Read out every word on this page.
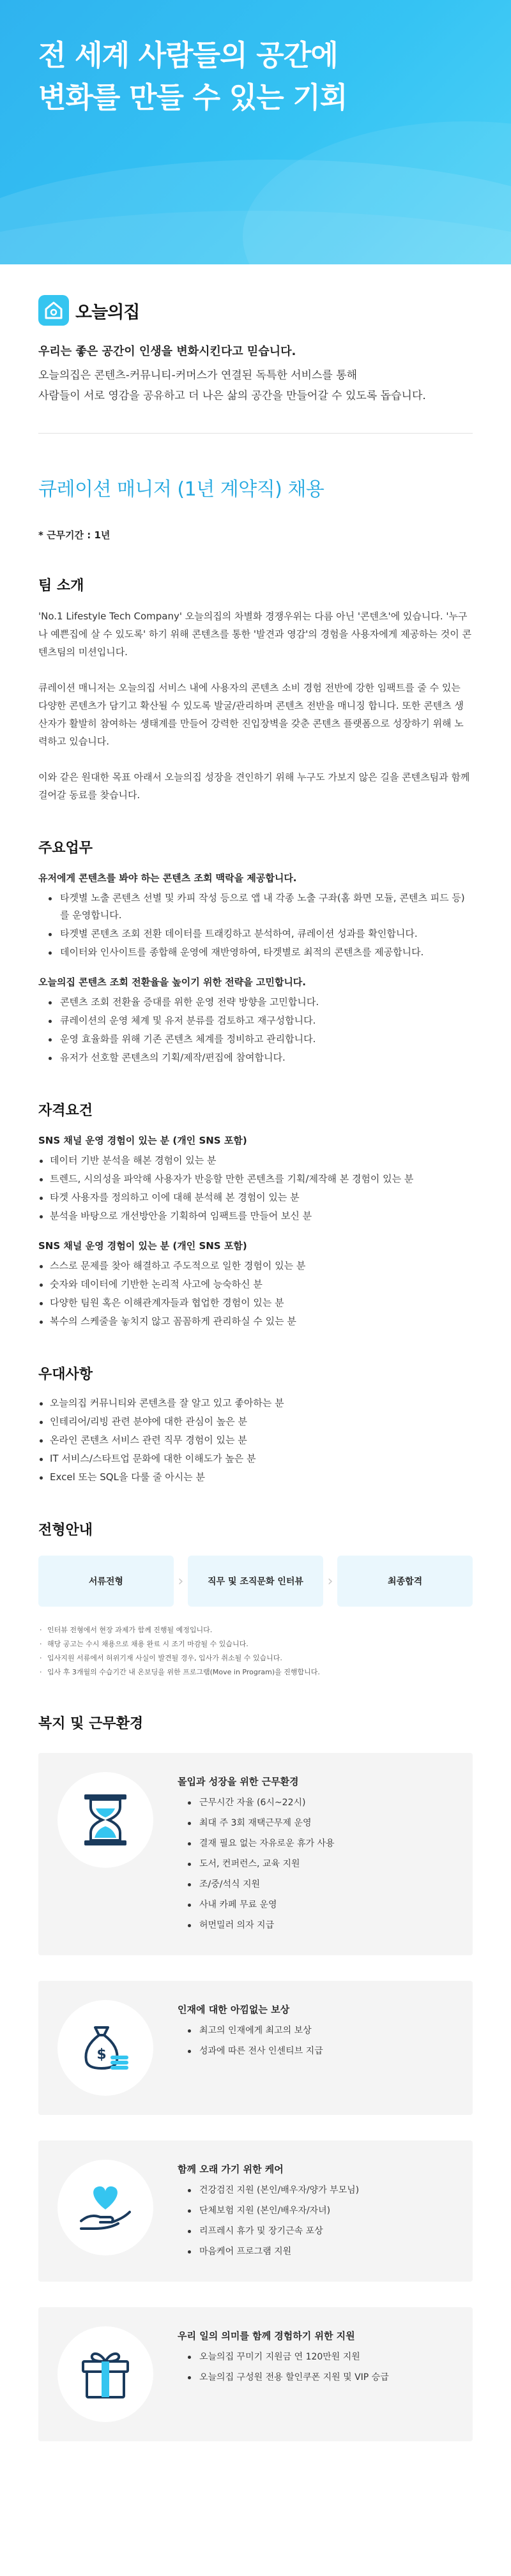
전 세계 사람들의 공간에
변화를 만들 수 있는 기회
오늘의집

우리는 좋은 공간이 인생을 변화시킨다고 믿습니다.

오늘의집은 콘텐츠-커뮤니티-커머스가 연결된 독특한 서비스를 통해
사람들이 서로 영감을 공유하고 더 나은 삶의 공간을 만들어갈 수 있도록 돕습니다.

큐레이션 매니저 (1년 계약직) 채용

* 근무기간 : 1년

팀 소개

'No.1 Lifestyle Tech Company' 오늘의집의 차별화 경쟁우위는 다름 아닌 '콘텐츠'에 있습니다. '누구나 예쁜집에 살 수 있도록' 하기 위해 콘텐츠를 통한 '발견과 영감'의 경험을 사용자에게 제공하는 것이 콘텐츠팀의 미션입니다.

큐레이션 매니저는 오늘의집 서비스 내에 사용자의 콘텐츠 소비 경험 전반에 강한 임팩트를 줄 수 있는 다양한 콘텐츠가 담기고 확산될 수 있도록 발굴/관리하며 콘텐츠 전반을 매니징 합니다. 또한 콘텐츠 생산자가 활발히 참여하는 생태계를 만들어 강력한 진입장벽을 갖춘 콘텐츠 플랫폼으로 성장하기 위해 노력하고 있습니다.

이와 같은 원대한 목표 아래서 오늘의집 성장을 견인하기 위해 누구도 가보지 않은 길을 콘텐츠팀과 함께 걸어갈 동료를 찾습니다.

주요업무

유저에게 콘텐츠를 봐야 하는 콘텐츠 조회 맥락을 제공합니다.

타겟별 노출 콘텐츠 선별 및 카피 작성 등으로 앱 내 각종 노출 구좌(홈 화면 모듈, 콘텐츠 피드 등)를 운영합니다.
타겟별 콘텐츠 조회 전환 데이터를 트래킹하고 분석하여, 큐레이션 성과를 확인합니다.
데이터와 인사이트를 종합해 운영에 재반영하여, 타겟별로 최적의 콘텐츠를 제공합니다.

오늘의집 콘텐츠 조회 전환율을 높이기 위한 전략을 고민합니다.

콘텐츠 조회 전환율 증대를 위한 운영 전략 방향을 고민합니다.
큐레이션의 운영 체계 및 유저 분류를 검토하고 재구성합니다.
운영 효율화를 위해 기존 콘텐츠 체계를 정비하고 관리합니다.
유저가 선호할 콘텐츠의 기획/제작/편집에 참여합니다.
자격요건

SNS 채널 운영 경험이 있는 분 (개인 SNS 포함)

데이터 기반 분석을 해본 경험이 있는 분
트렌드, 시의성을 파악해 사용자가 반응할 만한 콘텐츠를 기획/제작해 본 경험이 있는 분
타겟 사용자를 정의하고 이에 대해 분석해 본 경험이 있는 분
분석을 바탕으로 개선방안을 기획하여 임팩트를 만들어 보신 분

SNS 채널 운영 경험이 있는 분 (개인 SNS 포함)

스스로 문제를 찾아 해결하고 주도적으로 일한 경험이 있는 분
숫자와 데이터에 기반한 논리적 사고에 능숙하신 분
다양한 팀원 혹은 이해관계자들과 협업한 경험이 있는 분
복수의 스케줄을 놓치지 않고 꼼꼼하게 관리하실 수 있는 분
우대사항
오늘의집 커뮤니티와 콘텐츠를 잘 알고 있고 좋아하는 분
인테리어/리빙 관련 분야에 대한 관심이 높은 분
온라인 콘텐츠 서비스 관련 직무 경험이 있는 분
IT 서비스/스타트업 문화에 대한 이해도가 높은 분
Excel 또는 SQL을 다룰 줄 아시는 분
전형안내
서류전형	›	직무 및 조직문화 인터뷰	›	최종합격
· 인터뷰 전형에서 현장 과제가 함께 진행될 예정입니다.
· 해당 공고는 수시 채용으로 채용 완료 시 조기 마감될 수 있습니다.
· 입사지원 서류에서 허위기재 사실이 발견될 경우, 입사가 취소될 수 있습니다.
· 입사 후 3개월의 수습기간 내 온보딩을 위한 프로그램(Move in Program)을 진행합니다.
복지 및 근무환경

몰입과 성장을 위한 근무환경

근무시간 자율 (6시~22시)
최대 주 3회 재택근무제 운영
결재 필요 없는 자유로운 휴가 사용
도서, 컨퍼런스, 교육 지원
조/중/석식 지원
사내 카페 무료 운영
허먼밀러 의자 지급
$

인재에 대한 아낌없는 보상

최고의 인재에게 최고의 보상
성과에 따른 전사 인센티브 지급

함께 오래 가기 위한 케어

건강검진 지원 (본인/배우자/양가 부모님)
단체보험 지원 (본인/배우자/자녀)
리프레시 휴가 및 장기근속 포상
마음케어 프로그램 지원

우리 일의 의미를 함께 경험하기 위한 지원

오늘의집 꾸미기 지원금 연 120만원 지원
오늘의집 구성원 전용 할인쿠폰 지원 및 VIP 승급
